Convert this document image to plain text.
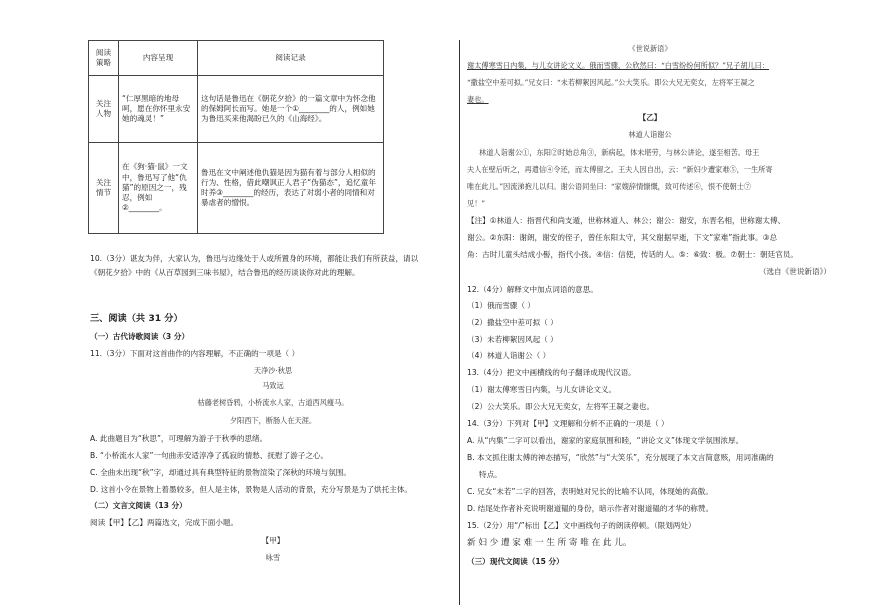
阅读
策略	内容呈现	阅读记录
关注
人物	“仁厚黑暗的地母呵，愿在你怀里永安她的魂灵！”	这句话是鲁迅在《朝花夕拾》的一篇文章中为怀念他的保姆阿长而写。她是一个①________的人，例如她为鲁迅买来他渴盼已久的《山海经》。
关注
情节	在《狗·猫·鼠》一文中，鲁迅写了他“仇猫”的原因之一，残忍，例如②________。	鲁迅在文中阐述他仇猫是因为猫有着与部分人相似的行为、性格，借此嘲讽正人君子“伪猫态”，追忆童年时养③________的经历，表达了对弱小者的同情和对暴虐者的憎恨。
10.（3分）谌友为伴，大家认为，鲁迅与边缘处于人或所置身的环境，都能让我们有所获益，请以
《朝花夕拾》中的《从百草园到三味书屋》，结合鲁迅的经历谈谈你对此的理解。
三、阅读（共 31 分）
（一）古代诗歌阅读（3 分）
11.（3分）下面对这首曲作的内容理解，不正确的一项是（ ）
天净沙·秋思
马致远
枯藤老树昏鸦，小桥流水人家，古道西风瘦马。
夕阳西下，断肠人在天涯。
A. 此曲题目为“秋思”，可理解为游子于秋季的思绪。
B. “小桥流水人家”一句曲赤安适淳净了孤寂的情愁、抚慰了游子之心。
C. 全曲未出现“秋”字，却通过具有典型特征的景物渲染了深秋的环境与氛围。
D. 这首小令在景物上着墨较多，但人是主体，景物是人活动的背景，充分写景是为了烘托主体。
（二）文言文阅读（13 分）
阅读【甲】【乙】两篇选文，完成下面小题。
【甲】
咏雪
《世说新语》
谢太傅寒雪日内集，与儿女讲论文义。俄而雪骤，公欣然曰：“白雪纷纷何所似？”兄子胡儿曰：
“撒盐空中差可拟。”兄女曰：“未若柳絮因风起。”公大笑乐。即公大兄无奕女，左将军王凝之
妻也。
【乙】
林道人诣谢公
林道人诣谢公①，东阳②时始总角③，新病起，体未堪劳，与林公讲论，遂至相苦。母王
夫人在壁后听之，再遣信④令还，而太傅留之。王夫人因自出，云：“新妇少遭家难⑤，一生所寄
唯在此儿。”因流涕抱儿以归。谢公语同坐曰：“家嫂辞情慷慨，致可传述⑥，恨不使朝士⑦
见！”
【注】①林道人：指晋代和尚支遁，世称林道人、林公；谢公：谢安，东晋名相，世称谢太傅、
谢公。②东阳：谢朗，谢安的侄子，曾任东阳太守，其父谢据早逝，下文“家难”指此事。③总
角：古时儿童头结成小髻，指代小孩。④信：信使，传话的人。⑤：⑥致：极。⑦朝士：朝廷官员。
（选自《世说新语》）
12.（4分）解释文中加点词语的意思。
（1）俄而雪骤（ ）
（2）撒盐空中差可拟（ ）
（3）未若柳絮因风起（ ）
（4）林道人诣谢公（ ）
13.（4分）把文中画横线的句子翻译成现代汉语。
（1）谢太傅寒雪日内集，与儿女讲论文义。
（2）公大笑乐。即公大兄无奕女，左将军王凝之妻也。
14.（3分）下列对【甲】文理解和分析不正确的一项是（ ）
A. 从“内集”二字可以看出，谢家的家庭氛围和睦，“讲论文义”体现文学氛围浓厚。
B. 本文抓住谢太傅的神态描写，“欣然”与“大笑乐”，充分展现了本文言简意赅，用词准确的
特点。
C. 兄女“未若”二字的回答，表明她对兄长的比喻不认同，体现她的高傲。
D. 结尾处作者补充说明谢道韫的身份，暗示作者对谢道韫的才华的称赞。
15.（2分）用“/”标出【乙】文中画线句子的朗读停顿。（限划两处）
新 妇 少 遭 家 难 一 生 所 寄 唯 在 此 儿。
（三）现代文阅读（15 分）
